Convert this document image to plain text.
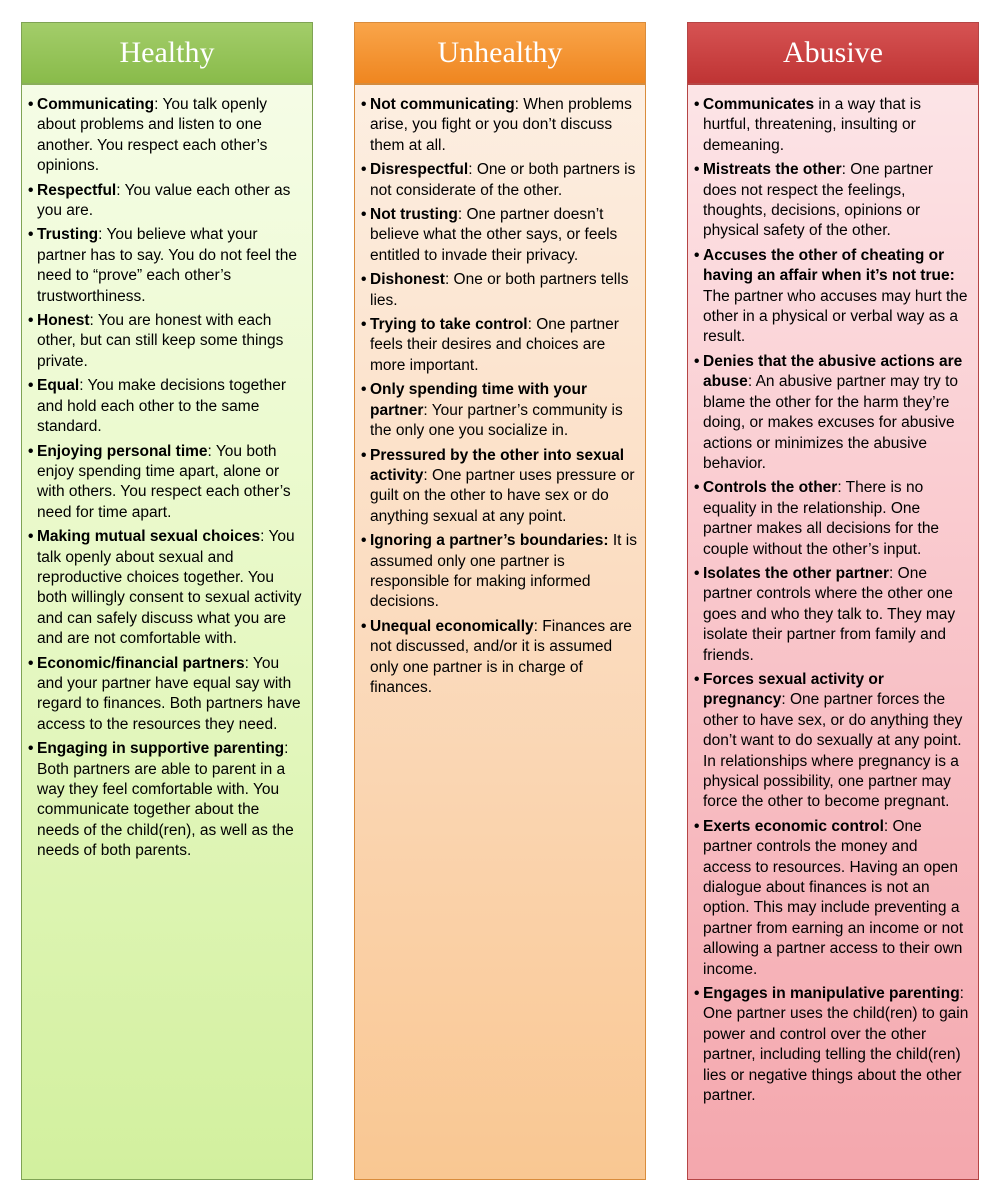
Healthy
• Communicating: You talk openly about problems and listen to one another. You respect each other’s opinions.
• Respectful: You value each other as you are.
• Trusting: You believe what your partner has to say. You do not feel the need to “prove” each other’s trustworthiness.
• Honest: You are honest with each other, but can still keep some things private.
• Equal: You make decisions together and hold each other to the same standard.
• Enjoying personal time: You both enjoy spending time apart, alone or with others. You respect each other’s need for time apart.
• Making mutual sexual choices: You talk openly about sexual and reproductive choices together. You both willingly consent to sexual activity and can safely discuss what you are and are not comfortable with.
• Economic/financial partners: You and your partner have equal say with regard to finances. Both partners have access to the resources they need.
• Engaging in supportive parenting: Both partners are able to parent in a way they feel comfortable with. You communicate together about the needs of the child(ren), as well as the needs of both parents.
Unhealthy
• Not communicating: When problems arise, you fight or you don’t discuss them at all.
• Disrespectful: One or both partners is not considerate of the other.
• Not trusting: One partner doesn’t believe what the other says, or feels entitled to invade their privacy.
• Dishonest: One or both partners tells lies.
• Trying to take control: One partner feels their desires and choices are more important.
• Only spending time with your partner: Your partner’s community is the only one you socialize in.
• Pressured by the other into sexual activity: One partner uses pressure or guilt on the other to have sex or do anything sexual at any point.
• Ignoring a partner’s boundaries: It is assumed only one partner is responsible for making informed decisions.
• Unequal economically: Finances are not discussed, and/or it is assumed only one partner is in charge of finances.
Abusive
• Communicates in a way that is hurtful, threatening, insulting or demeaning.
• Mistreats the other: One partner does not respect the feelings, thoughts, decisions, opinions or physical safety of the other.
• Accuses the other of cheating or having an affair when it’s not true: The partner who accuses may hurt the other in a physical or verbal way as a result.
• Denies that the abusive actions are abuse: An abusive partner may try to blame the other for the harm they’re doing, or makes excuses for abusive actions or minimizes the abusive behavior.
• Controls the other: There is no equality in the relationship. One partner makes all decisions for the couple without the other’s input.
• Isolates the other partner: One partner controls where the other one goes and who they talk to. They may isolate their partner from family and friends.
• Forces sexual activity or pregnancy: One partner forces the other to have sex, or do anything they don’t want to do sexually at any point. In relationships where pregnancy is a physical possibility, one partner may force the other to become pregnant.
• Exerts economic control: One partner controls the money and access to resources. Having an open dialogue about finances is not an option. This may include preventing a partner from earning an income or not allowing a partner access to their own income.
• Engages in manipulative parenting: One partner uses the child(ren) to gain power and control over the other partner, including telling the child(ren) lies or negative things about the other partner.
